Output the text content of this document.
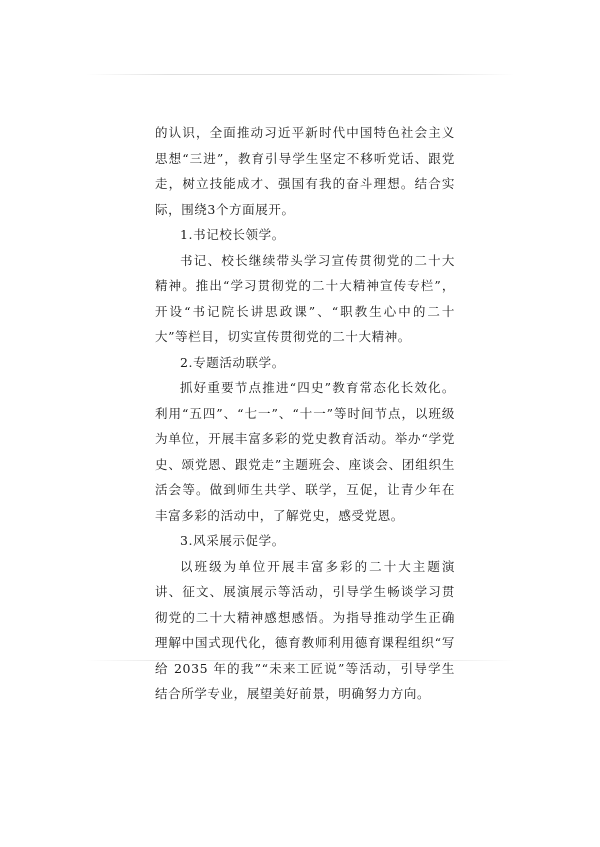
的认识，全面推动习近平新时代中国特色社会主义思想“三进”，教育引导学生坚定不移听党话、跟党走，树立技能成才、强国有我的奋斗理想。结合实际，围绕3个方面展开。

1.书记校长领学。

书记、校长继续带头学习宣传贯彻党的二十大精神。推出“学习贯彻党的二十大精神宣传专栏”，开设“书记院长讲思政课”、“职教生心中的二十大”等栏目，切实宣传贯彻党的二十大精神。

2.专题活动联学。

抓好重要节点推进“四史”教育常态化长效化。利用“五四”、“七一”、“十一”等时间节点，以班级为单位，开展丰富多彩的党史教育活动。举办“学党史、颂党恩、跟党走”主题班会、座谈会、团组织生活会等。做到师生共学、联学，互促，让青少年在丰富多彩的活动中，了解党史，感受党恩。

3.风采展示促学。

以班级为单位开展丰富多彩的二十大主题演讲、征文、展演展示等活动，引导学生畅谈学习贯彻党的二十大精神感想感悟。为指导推动学生正确理解中国式现代化，德育教师利用德育课程组织“写给 2035 年的我”“未来工匠说”等活动，引导学生结合所学专业，展望美好前景，明确努力方向。
